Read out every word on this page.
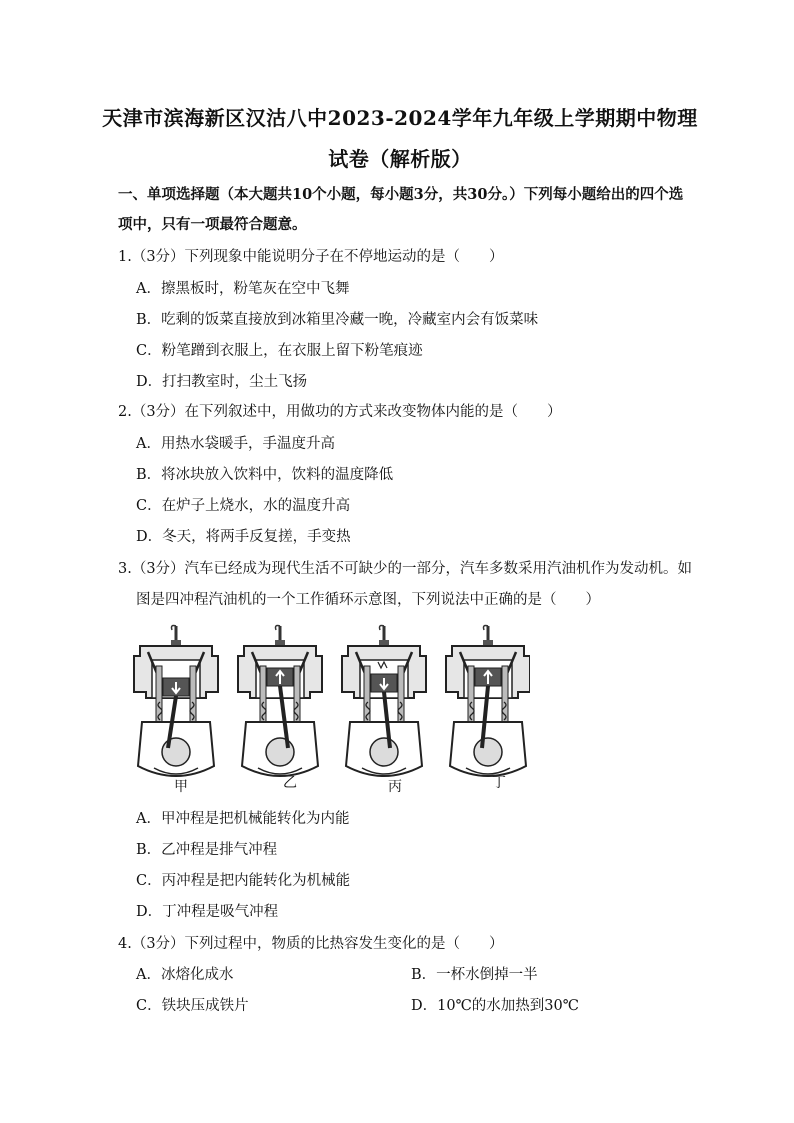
天津市滨海新区汉沽八中2023-2024学年九年级上学期期中物理
试卷（解析版）
一、单项选择题（本大题共10个小题，每小题3分，共30分。）下列每小题给出的四个选
项中，只有一项最符合题意。
1.（3分）下列现象中能说明分子在不停地运动的是（　　）
A．擦黑板时，粉笔灰在空中飞舞
B．吃剩的饭菜直接放到冰箱里冷藏一晚，冷藏室内会有饭菜味
C．粉笔蹭到衣服上，在衣服上留下粉笔痕迹
D．打扫教室时，尘土飞扬
2.（3分）在下列叙述中，用做功的方式来改变物体内能的是（　　）
A．用热水袋暖手，手温度升高
B．将冰块放入饮料中，饮料的温度降低
C．在炉子上烧水，水的温度升高
D．冬天，将两手反复搓，手变热
3.（3分）汽车已经成为现代生活不可缺少的一部分，汽车多数采用汽油机作为发动机。如
图是四冲程汽油机的一个工作循环示意图，下列说法中正确的是（　　）
甲	乙	丙	丁
A．甲冲程是把机械能转化为内能
B．乙冲程是排气冲程
C．丙冲程是把内能转化为机械能
D．丁冲程是吸气冲程
4.（3分）下列过程中，物质的比热容发生变化的是（　　）
A．冰熔化成水	B．一杯水倒掉一半
C．铁块压成铁片	D．10℃的水加热到30℃
